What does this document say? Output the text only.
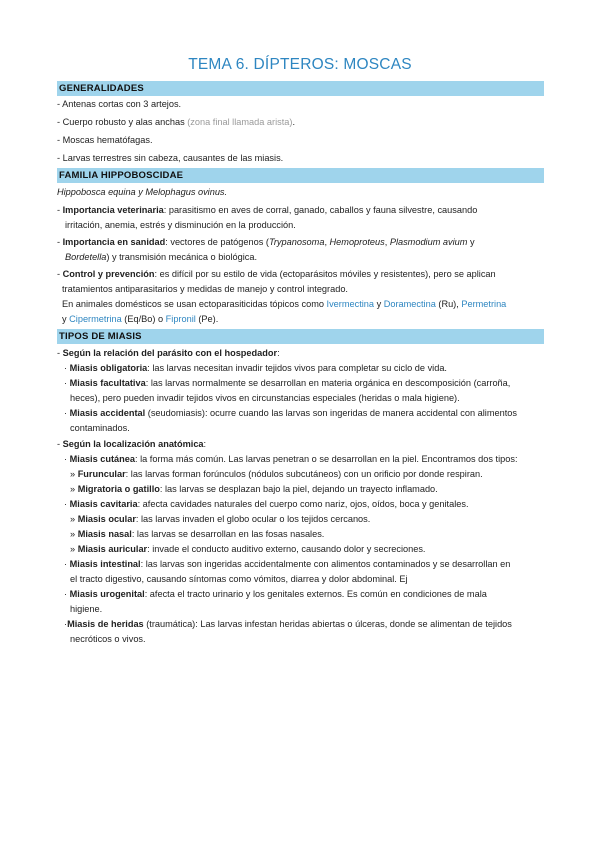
TEMA 6. DÍPTEROS: MOSCAS
GENERALIDADES
- Antenas cortas con 3 artejos.
- Cuerpo robusto y alas anchas (zona final llamada arista).
- Moscas hematófagas.
- Larvas terrestres sin cabeza, causantes de las miasis.
FAMILIA HIPPOBOSCIDAE
Hippobosca equina y Melophagus ovinus.
- Importancia veterinaria: parasitismo en aves de corral, ganado, caballos y fauna silvestre, causando
irritación, anemia, estrés y disminución en la producción.
- Importancia en sanidad: vectores de patógenos (Trypanosoma, Hemoproteus, Plasmodium avium y
Bordetella) y transmisión mecánica o biológica.
- Control y prevención: es difícil por su estilo de vida (ectoparásitos móviles y resistentes), pero se aplican
tratamientos antiparasitarios y medidas de manejo y control integrado.
En animales domésticos se usan ectoparasiticidas tópicos como Ivermectina y Doramectina (Ru), Permetrina
y Cipermetrina (Eq/Bo) o Fipronil (Pe).
TIPOS DE MIASIS
- Según la relación del parásito con el hospedador:
· Miasis obligatoria: las larvas necesitan invadir tejidos vivos para completar su ciclo de vida.
· Miasis facultativa: las larvas normalmente se desarrollan en materia orgánica en descomposición (carroña,
heces), pero pueden invadir tejidos vivos en circunstancias especiales (heridas o mala higiene).
· Miasis accidental (seudomiasis): ocurre cuando las larvas son ingeridas de manera accidental con alimentos
contaminados.
- Según la localización anatómica:
· Miasis cutánea: la forma más común. Las larvas penetran o se desarrollan en la piel. Encontramos dos tipos:
» Furuncular: las larvas forman forúnculos (nódulos subcutáneos) con un orificio por donde respiran.
» Migratoria o gatillo: las larvas se desplazan bajo la piel, dejando un trayecto inflamado.
· Miasis cavitaria: afecta cavidades naturales del cuerpo como nariz, ojos, oídos, boca y genitales.
» Miasis ocular: las larvas invaden el globo ocular o los tejidos cercanos.
» Miasis nasal: las larvas se desarrollan en las fosas nasales.
» Miasis auricular: invade el conducto auditivo externo, causando dolor y secreciones.
· Miasis intestinal: las larvas son ingeridas accidentalmente con alimentos contaminados y se desarrollan en
el tracto digestivo, causando síntomas como vómitos, diarrea y dolor abdominal. Ej
· Miasis urogenital: afecta el tracto urinario y los genitales externos. Es común en condiciones de mala
higiene.
·Miasis de heridas (traumática): Las larvas infestan heridas abiertas o úlceras, donde se alimentan de tejidos
necróticos o vivos.
